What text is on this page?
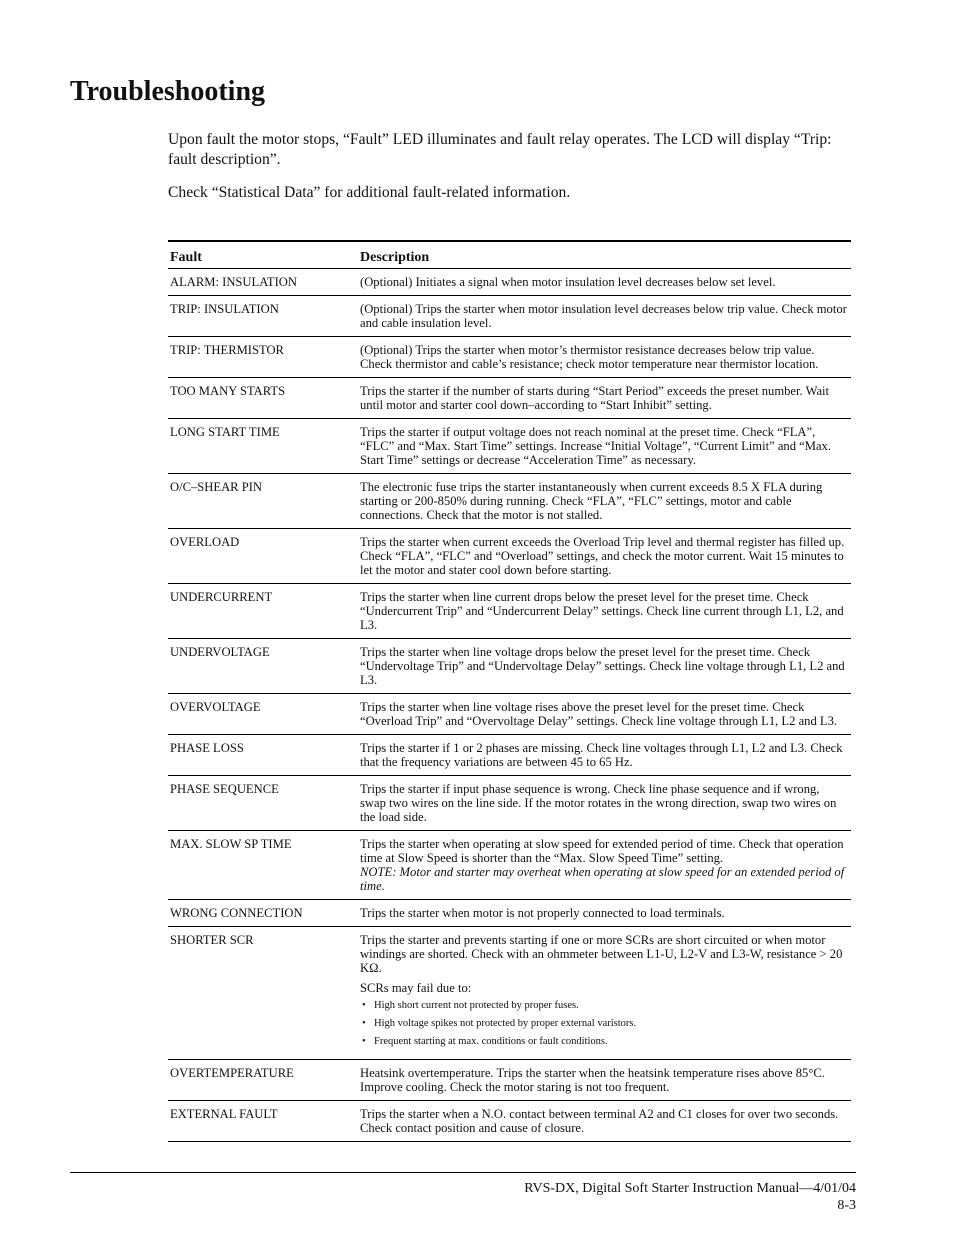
Troubleshooting

Upon fault the motor stops, “Fault” LED illuminates and fault relay operates. The LCD will display “Trip: fault description”.

Check “Statistical Data” for additional fault-related information.

Fault	Description
ALARM: INSULATION	(Optional) Initiates a signal when motor insulation level decreases below set level.
TRIP: INSULATION	(Optional) Trips the starter when motor insulation level decreases below trip value. Check motor and cable insulation level.
TRIP: THERMISTOR	(Optional) Trips the starter when motor’s thermistor resistance decreases below trip value. Check thermistor and cable’s resistance; check motor temperature near thermistor location.
TOO MANY STARTS	Trips the starter if the number of starts during “Start Period” exceeds the preset number. Wait until motor and starter cool down–according to “Start Inhibit” setting.
LONG START TIME	Trips the starter if output voltage does not reach nominal at the preset time. Check “FLA”, “FLC” and “Max. Start Time” settings. Increase “Initial Voltage”, “Current Limit” and “Max. Start Time” settings or decrease “Acceleration Time” as necessary.
O/C–SHEAR PIN	The electronic fuse trips the starter instantaneously when current exceeds 8.5 X FLA during starting or 200-850% during running. Check “FLA”, “FLC” settings, motor and cable connections. Check that the motor is not stalled.
OVERLOAD	Trips the starter when current exceeds the Overload Trip level and thermal register has filled up. Check “FLA”, “FLC” and “Overload” settings, and check the motor current. Wait 15 minutes to let the motor and stater cool down before starting.
UNDERCURRENT	Trips the starter when line current drops below the preset level for the preset time. Check “Undercurrent Trip” and “Undercurrent Delay” settings. Check line current through L1, L2, and L3.
UNDERVOLTAGE	Trips the starter when line voltage drops below the preset level for the preset time. Check “Undervoltage Trip” and “Undervoltage Delay” settings. Check line voltage through L1, L2 and L3.
OVERVOLTAGE	Trips the starter when line voltage rises above the preset level for the preset time. Check “Overload Trip” and “Overvoltage Delay” settings. Check line voltage through L1, L2 and L3.
PHASE LOSS	Trips the starter if 1 or 2 phases are missing. Check line voltages through L1, L2 and L3. Check that the frequency variations are between 45 to 65 Hz.
PHASE SEQUENCE	Trips the starter if input phase sequence is wrong. Check line phase sequence and if wrong, swap two wires on the line side. If the motor rotates in the wrong direction, swap two wires on the load side.
MAX. SLOW SP TIME	Trips the starter when operating at slow speed for extended period of time. Check that operation time at Slow Speed is shorter than the “Max. Slow Speed Time” setting.
NOTE: Motor and starter may overheat when operating at slow speed for an extended period of time.
WRONG CONNECTION	Trips the starter when motor is not properly connected to load terminals.
SHORTER SCR	Trips the starter and prevents starting if one or more SCRs are short circuited or when motor windings are shorted. Check with an ohmmeter between L1-U, L2-V and L3-W, resistance > 20 KΩ.
SCRs may fail due to:
• High short current not protected by proper fuses.
• High voltage spikes not protected by proper external varistors.
• Frequent starting at max. conditions or fault conditions.
OVERTEMPERATURE	Heatsink overtemperature. Trips the starter when the heatsink temperature rises above 85°C. Improve cooling. Check the motor staring is not too frequent.
EXTERNAL FAULT	Trips the starter when a N.O. contact between terminal A2 and C1 closes for over two seconds. Check contact position and cause of closure.
RVS-DX, Digital Soft Starter Instruction Manual—4/01/04
8-3
